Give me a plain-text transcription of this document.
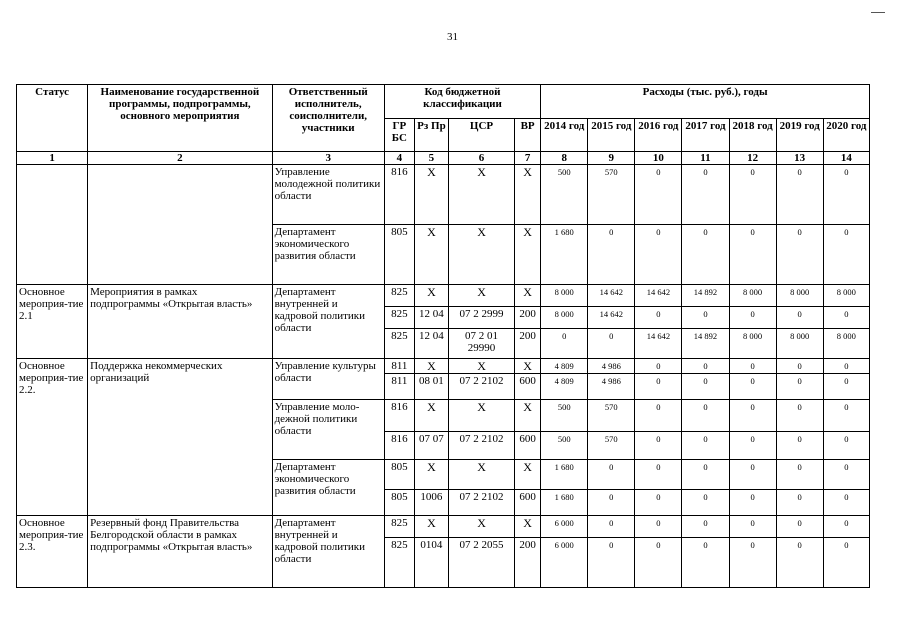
31
Статус	Наименование государственной программы, подпрограммы, основного мероприятия	Ответственный исполнитель, соисполнители, участники	Код бюджетной классификации				Расходы (тыс. руб.), годы						
			ГР БС	Рз Пр	ЦСР	ВР	2014 год	2015 год	2016 год	2017 год	2018 год	2019 год	2020 год
1	2	3	4	5	6	7	8	9	10	11	12	13	14
		Управление молодежной политики области	816	X	X	X	500	570	0	0	0	0	0
		Департамент экономического развития области	805	X	X	X	1 680	0	0	0	0	0	0
Основное мероприя-тие 2.1	Мероприятия в рамках подпрограммы «Открытая власть»	Департамент внутренней и кадровой политики области	825	X	X	X	8 000	14 642	14 642	14 892	8 000	8 000	8 000
			825	12 04	07 2 2999	200	8 000	14 642	0	0	0	0	0
			825	12 04	07 2 01 29990	200	0	0	14 642	14 892	8 000	8 000	8 000
Основное мероприя-тие 2.2.	Поддержка некоммерческих организаций	Управление культуры области	811	X	X	X	4 809	4 986	0	0	0	0	0
			811	08 01	07 2 2102	600	4 809	4 986	0	0	0	0	0
		Управление моло-дежной политики области	816	X	X	X	500	570	0	0	0	0	0
			816	07 07	07 2 2102	600	500	570	0	0	0	0	0
		Департамент экономического развития области	805	X	X	X	1 680	0	0	0	0	0	0
			805	1006	07 2 2102	600	1 680	0	0	0	0	0	0
Основное мероприя-тие 2.3.	Резервный фонд Правительства Белгородской области в рамках подпрограммы «Открытая власть»	Департамент внутренней и кадровой политики области	825	X	X	X	6 000	0	0	0	0	0	0
			825	0104	07 2 2055	200	6 000	0	0	0	0	0	0
